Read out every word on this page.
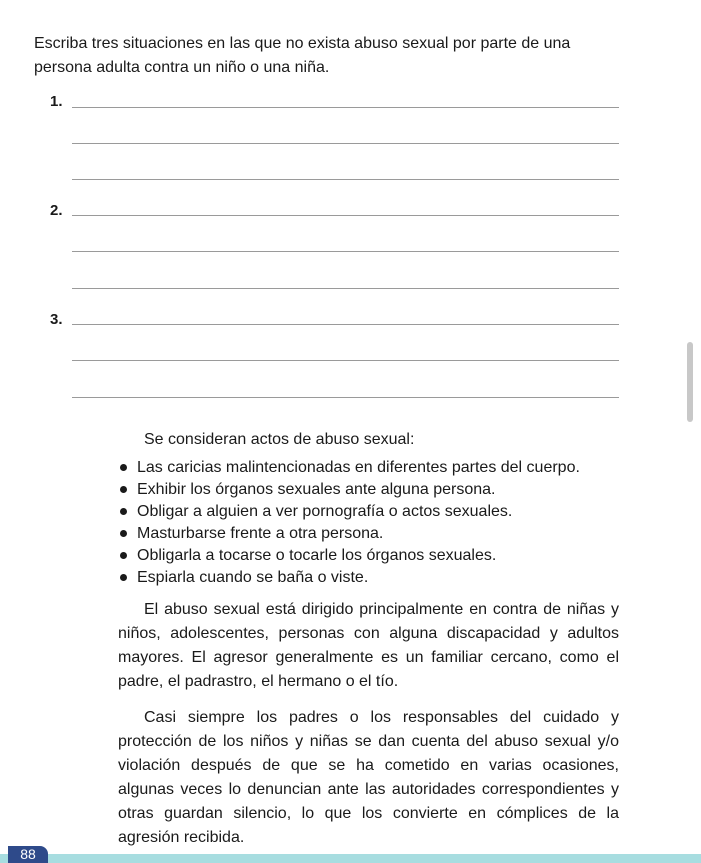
Escriba tres situaciones en las que no exista abuso sexual por parte de una persona adulta contra un niño o una niña.

1.
2.
3.

Se consideran actos de abuso sexual:

Las caricias malintencionadas en diferentes partes del cuerpo.
Exhibir los órganos sexuales ante alguna persona.
Obligar a alguien a ver pornografía o actos sexuales.
Masturbarse frente a otra persona.
Obligarla a tocarse o tocarle los órganos sexuales.
Espiarla cuando se baña o viste.

El abuso sexual está dirigido principalmente en contra de niñas y niños, adolescentes, personas con alguna discapacidad y adultos mayores. El agresor generalmente es un familiar cercano, como el padre, el padrastro, el hermano o el tío.

Casi siempre los padres o los responsables del cuidado y protección de los niños y niñas se dan cuenta del abuso sexual y/o violación después de que se ha cometido en varias ocasiones, algunas veces lo denuncian ante las autoridades correspondientes y otras guardan silencio, lo que los convierte en cómplices de la agresión recibida.

88
